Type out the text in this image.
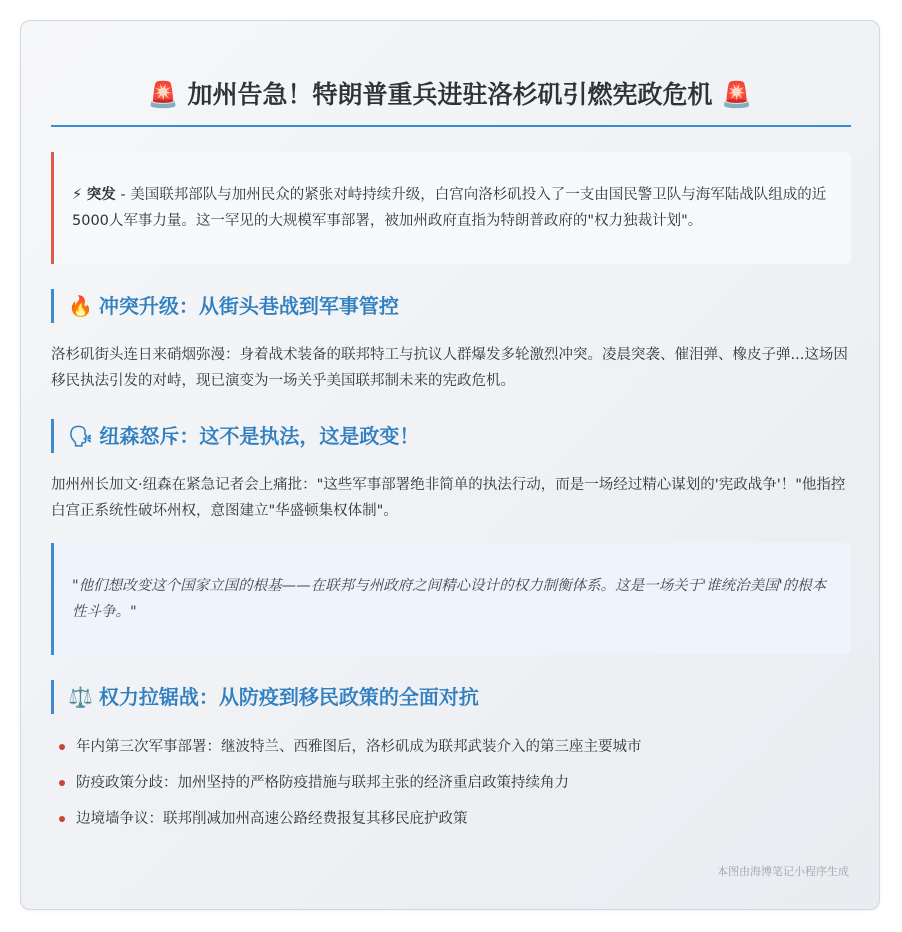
🚨 加州告急！特朗普重兵进驻洛杉矶引燃宪政危机 🚨
⚡ 突发 - 美国联邦部队与加州民众的紧张对峙持续升级，白宫向洛杉矶投入了一支由国民警卫队与海军陆战队组成的近5000人军事力量。这一罕见的大规模军事部署，被加州政府直指为特朗普政府的"权力独裁计划"。
🔥 冲突升级：从街头巷战到军事管控
洛杉矶街头连日来硝烟弥漫：身着战术装备的联邦特工与抗议人群爆发多轮激烈冲突。凌晨突袭、催泪弹、橡皮子弹...这场因移民执法引发的对峙，现已演变为一场关乎美国联邦制未来的宪政危机。
🗣 纽森怒斥：这不是执法，这是政变！
加州州长加文·纽森在紧急记者会上痛批："这些军事部署绝非简单的执法行动，而是一场经过精心谋划的'宪政战争'！"他指控白宫正系统性破坏州权，意图建立"华盛顿集权体制"。
"他们想改变这个国家立国的根基——在联邦与州政府之间精心设计的权力制衡体系。这是一场关于'谁统治美国'的根本性斗争。"
⚖️ 权力拉锯战：从防疫到移民政策的全面对抗
年内第三次军事部署：继波特兰、西雅图后，洛杉矶成为联邦武装介入的第三座主要城市
防疫政策分歧：加州坚持的严格防疫措施与联邦主张的经济重启政策持续角力
边境墙争议：联邦削减加州高速公路经费报复其移民庇护政策
本图由海博笔记小程序生成
